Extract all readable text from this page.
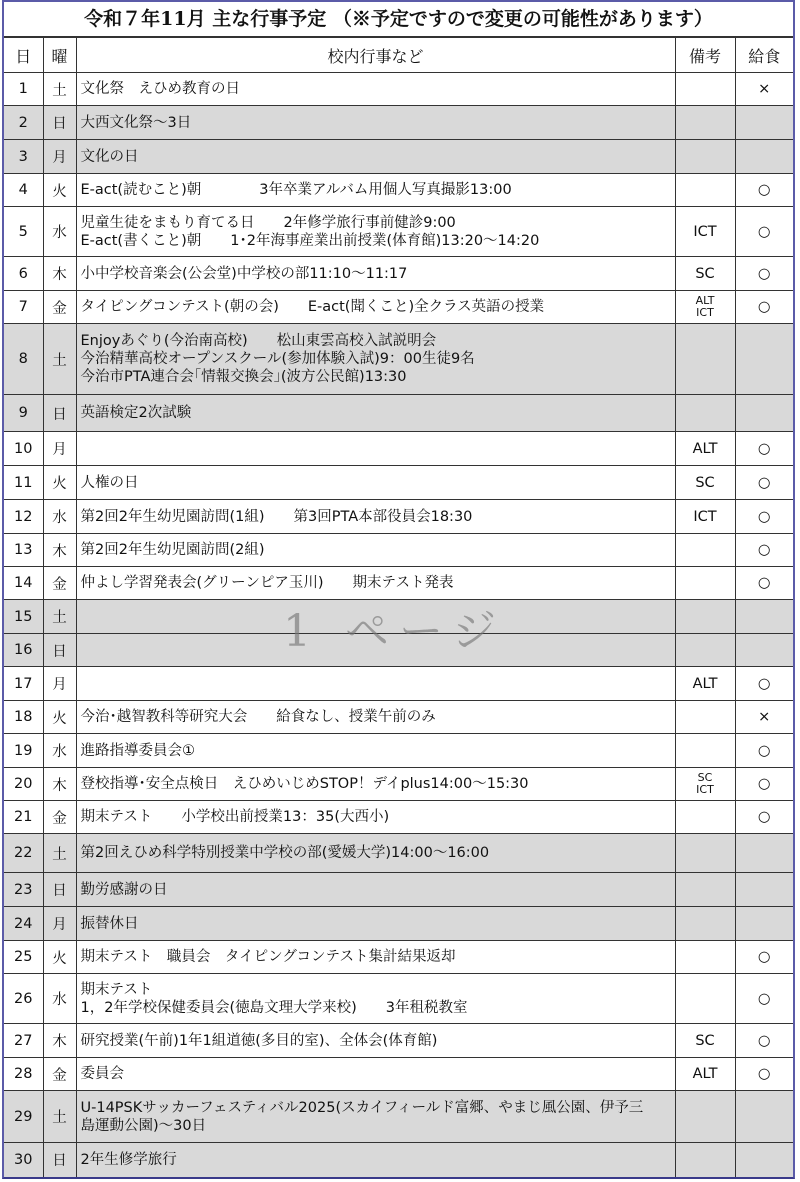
令和７年11月 主な行事予定 （※予定ですので変更の可能性があります）
日	曜	校内行事など	備考	給食
1	土	文化祭　えひめ教育の日		×
2	日	大西文化祭～3日		
3	月	文化の日		
4	火	E-act(読むこと)朝　　　　3年卒業アルバム用個人写真撮影13:00		○
5	水	児童生徒をまもり育てる日　　2年修学旅行事前健診9:00
E-act(書くこと)朝　　1･2年海事産業出前授業(体育館)13:20～14:20	ICT	○
6	木	小中学校音楽会(公会堂)中学校の部11:10～11:17	SC	○
7	金	タイピングコンテスト(朝の会)　　E-act(聞くこと)全クラス英語の授業	ALT
ICT	○
8	土	Enjoyあぐり(今治南高校)　　松山東雲高校入試説明会
今治精華高校オープンスクール(参加体験入試)9：00生徒9名
今治市PTA連合会｢情報交換会｣(波方公民館)13:30		
9	日	英語検定2次試験		
10	月		ALT	○
11	火	人権の日	SC	○
12	水	第2回2年生幼児園訪問(1組)　　第3回PTA本部役員会18:30	ICT	○
13	木	第2回2年生幼児園訪問(2組)		○
14	金	仲よし学習発表会(グリーンピア玉川)　　期末テスト発表		○
15	土			
16	日			
17	月		ALT	○
18	火	今治･越智教科等研究大会　　給食なし、授業午前のみ		×
19	水	進路指導委員会①		○
20	木	登校指導･安全点検日　えひめいじめSTOP！デイplus14:00～15:30	SC
ICT	○
21	金	期末テスト　　小学校出前授業13：35(大西小)		○
22	土	第2回えひめ科学特別授業中学校の部(愛媛大学)14:00～16:00		
23	日	勤労感謝の日		
24	月	振替休日		
25	火	期末テスト　職員会　タイピングコンテスト集計結果返却		○
26	水	期末テスト
1，2年学校保健委員会(徳島文理大学来校)　　3年租税教室		○
27	木	研究授業(午前)1年1組道徳(多目的室)、全体会(体育館)	SC	○
28	金	委員会	ALT	○
29	土	U-14PSKサッカーフェスティバル2025(スカイフィールド富郷、やまじ風公園、伊予三
島運動公園)～30日		
30	日	2年生修学旅行		
1 ページ
